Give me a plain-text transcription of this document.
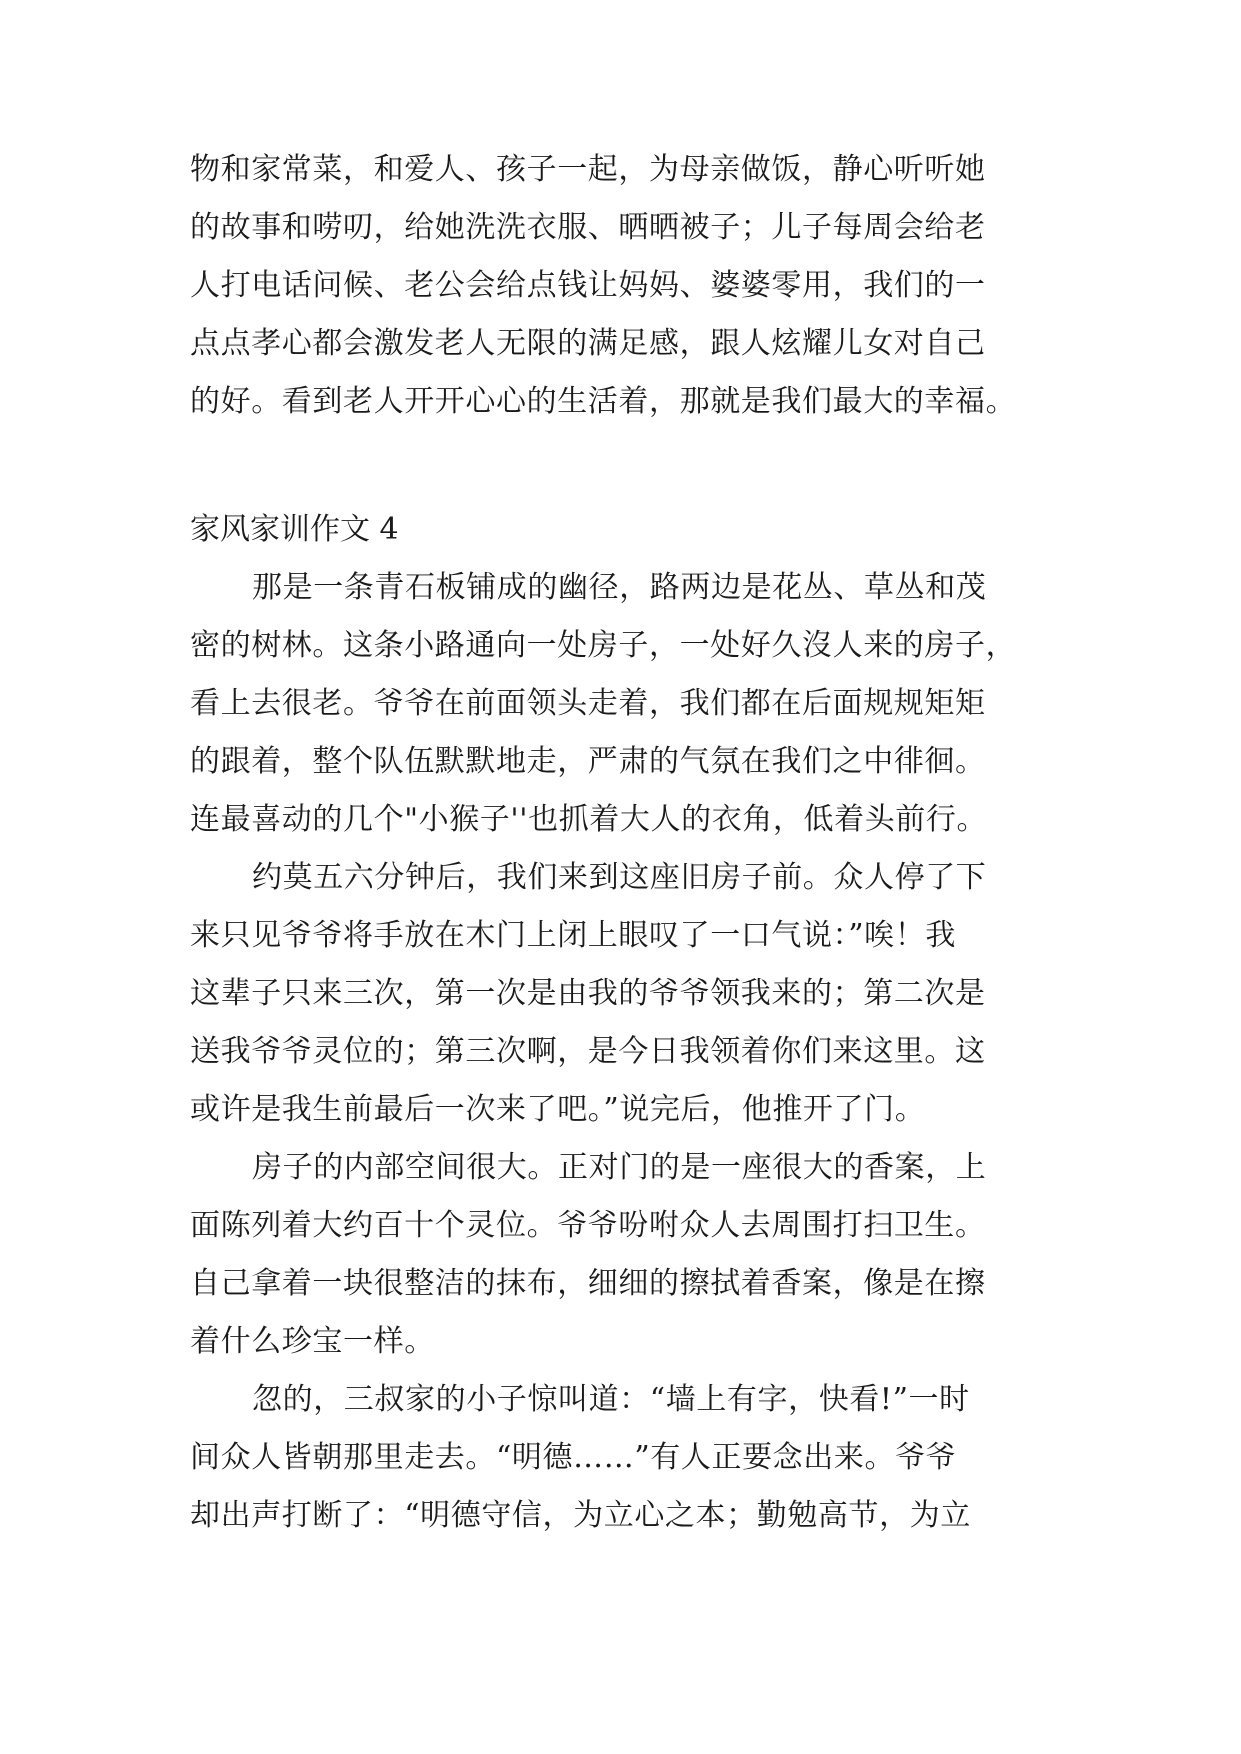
物和家常菜，和爱人、孩子一起，为母亲做饭，静心听听她
的故事和唠叨，给她洗洗衣服、晒晒被子；儿子每周会给老
人打电话问候、老公会给点钱让妈妈、婆婆零用，我们的一
点点孝心都会激发老人无限的满足感，跟人炫耀儿女对自己
的好。看到老人开开心心的生活着，那就是我们最大的幸福。
家风家训作文 4
那是一条青石板铺成的幽径，路两边是花丛、草丛和茂
密的树林。这条小路通向一处房子，一处好久沒人来的房子，
看上去很老。爷爷在前面领头走着，我们都在后面规规矩矩
的跟着，整个队伍默默地走，严肃的气氛在我们之中徘徊。
连最喜动的几个"小猴子''也抓着大人的衣角，低着头前行。
约莫五六分钟后，我们来到这座旧房子前。众人停了下
来只见爷爷将手放在木门上闭上眼叹了一口气说：”唉！我
这辈子只来三次，第一次是由我的爷爷领我来的；第二次是
送我爷爷灵位的；第三次啊，是今日我领着你们来这里。这
或许是我生前最后一次来了吧。”说完后，他推开了门。
房子的内部空间很大。正对门的是一座很大的香案，上
面陈列着大约百十个灵位。爷爷吩咐众人去周围打扫卫生。
自己拿着一块很整洁的抹布，细细的擦拭着香案，像是在擦
着什么珍宝一样。
忽的，三叔家的小子惊叫道：“墙上有字，快看!”一时
间众人皆朝那里走去。“明德……”有人正要念出来。爷爷
却出声打断了：“明德守信，为立心之本；勤勉高节，为立
